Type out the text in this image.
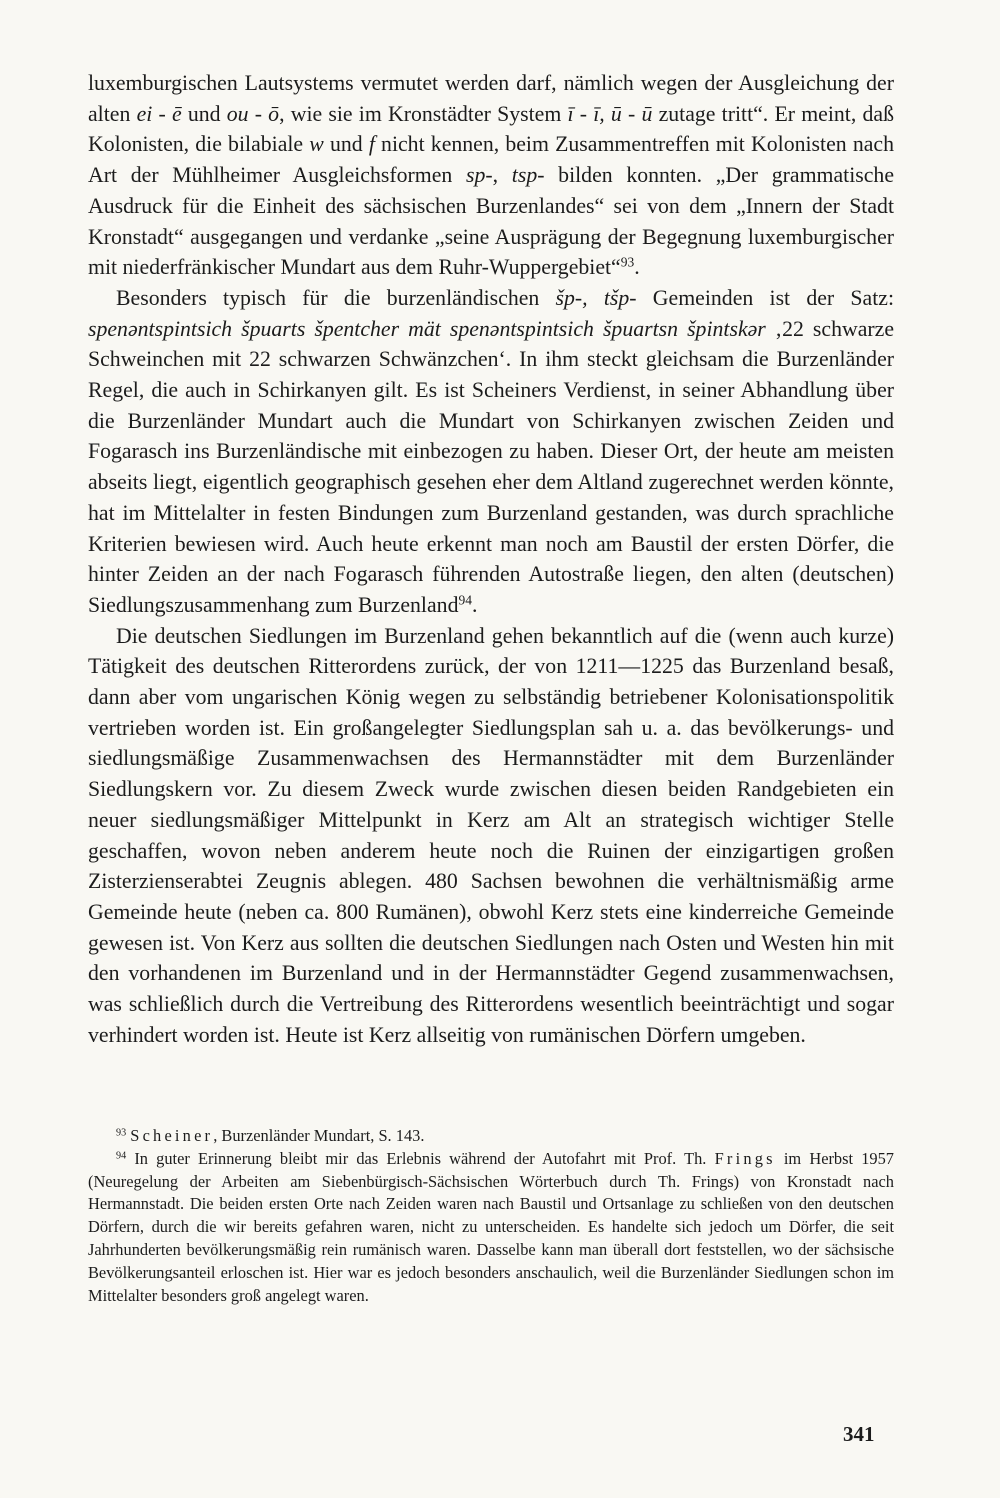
luxemburgischen Lautsystems vermutet werden darf, nämlich wegen der Ausgleichung der alten ei - ē und ou - ō, wie sie im Kronstädter System ī - ī, ū - ū zutage tritt“. Er meint, daß Kolonisten, die bilabiale w und f nicht kennen, beim Zusammentreffen mit Kolonisten nach Art der Mühlheimer Ausgleichsformen sp-, tsp- bilden konnten. „Der grammatische Ausdruck für die Einheit des sächsischen Burzenlandes“ sei von dem „Innern der Stadt Kronstadt“ ausgegangen und verdanke „seine Ausprägung der Begegnung luxemburgischer mit niederfränkischer Mundart aus dem Ruhr-Wuppergebiet“$^{93}$.

Besonders typisch für die burzenländischen šp-, tšp- Gemeinden ist der Satz: spenəntspintsich špuarts špentcher mät spenəntspintsich špuartsn špintskər ‚22 schwarze Schweinchen mit 22 schwarzen Schwänzchen‘. In ihm steckt gleichsam die Burzenländer Regel, die auch in Schirkanyen gilt. Es ist Scheiners Verdienst, in seiner Abhandlung über die Burzenländer Mundart auch die Mundart von Schirkanyen zwischen Zeiden und Fogarasch ins Burzenländische mit einbezogen zu haben. Dieser Ort, der heute am meisten abseits liegt, eigentlich geographisch gesehen eher dem Altland zugerechnet werden könnte, hat im Mittelalter in festen Bindungen zum Burzenland gestanden, was durch sprachliche Kriterien bewiesen wird. Auch heute erkennt man noch am Baustil der ersten Dörfer, die hinter Zeiden an der nach Fogarasch führenden Autostraße liegen, den alten (deutschen) Siedlungszusammenhang zum Burzenland$^{94}$.

Die deutschen Siedlungen im Burzenland gehen bekanntlich auf die (wenn auch kurze) Tätigkeit des deutschen Ritterordens zurück, der von 1211—1225 das Burzenland besaß, dann aber vom ungarischen König wegen zu selbständig betriebener Kolonisationspolitik vertrieben worden ist. Ein großangelegter Siedlungsplan sah u. a. das bevölkerungs- und siedlungsmäßige Zusammenwachsen des Hermannstädter mit dem Burzenländer Siedlungskern vor. Zu diesem Zweck wurde zwischen diesen beiden Randgebieten ein neuer siedlungsmäßiger Mittelpunkt in Kerz am Alt an strategisch wichtiger Stelle geschaffen, wovon neben anderem heute noch die Ruinen der einzigartigen großen Zisterzienserabtei Zeugnis ablegen. 480 Sachsen bewohnen die verhältnismäßig arme Gemeinde heute (neben ca. 800 Rumänen), obwohl Kerz stets eine kinderreiche Gemeinde gewesen ist. Von Kerz aus sollten die deutschen Siedlungen nach Osten und Westen hin mit den vorhandenen im Burzenland und in der Hermannstädter Gegend zusammenwachsen, was schließlich durch die Vertreibung des Ritterordens wesentlich beeinträchtigt und sogar verhindert worden ist. Heute ist Kerz allseitig von rumänischen Dörfern umgeben.

$^{93}$ Scheiner, Burzenländer Mundart, S. 143.

$^{94}$ In guter Erinnerung bleibt mir das Erlebnis während der Autofahrt mit Prof. Th. Frings im Herbst 1957 (Neuregelung der Arbeiten am Siebenbürgisch-Sächsischen Wörterbuch durch Th. Frings) von Kronstadt nach Hermannstadt. Die beiden ersten Orte nach Zeiden waren nach Baustil und Ortsanlage zu schließen von den deutschen Dörfern, durch die wir bereits gefahren waren, nicht zu unterscheiden. Es handelte sich jedoch um Dörfer, die seit Jahrhunderten bevölkerungsmäßig rein rumänisch waren. Dasselbe kann man überall dort feststellen, wo der sächsische Bevölkerungsanteil erloschen ist. Hier war es jedoch besonders anschaulich, weil die Burzenländer Siedlungen schon im Mittelalter besonders groß angelegt waren.

341
